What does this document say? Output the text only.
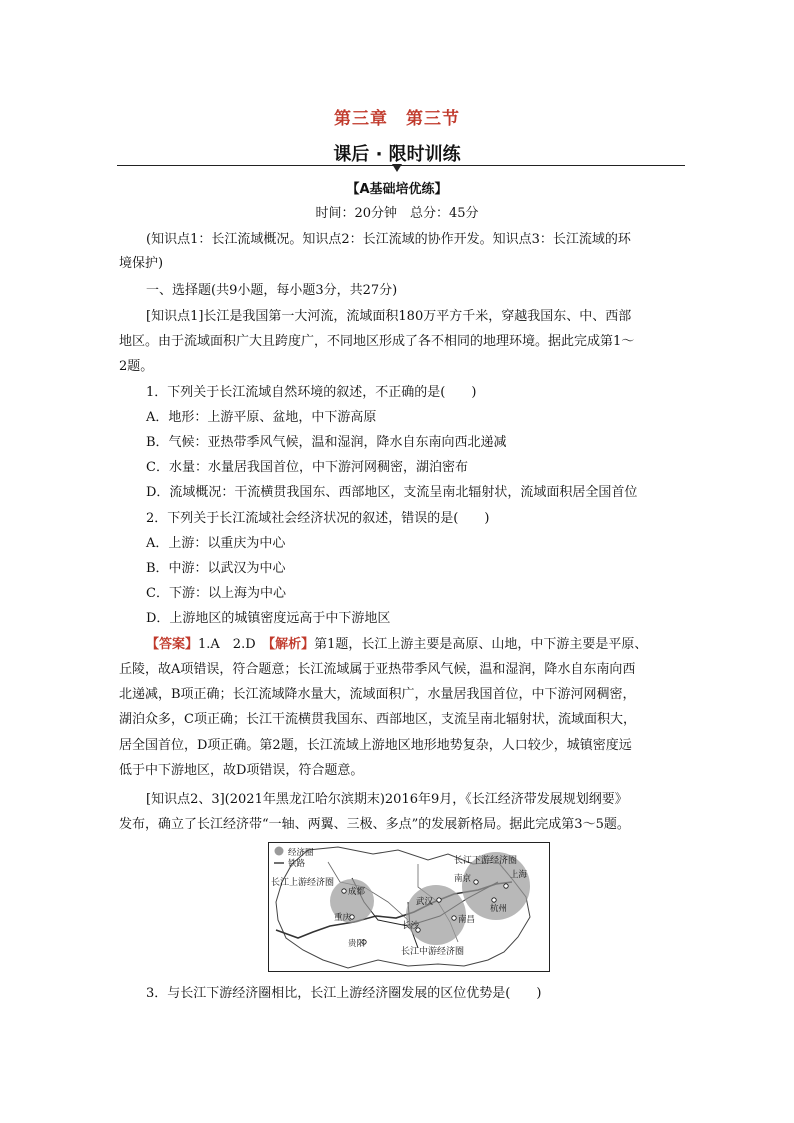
第三章　第三节
课后 · 限时训练
【A基础培优练】
时间：20分钟　总分：45分
(知识点1：长江流域概况。知识点2：长江流域的协作开发。知识点3：长江流域的环
境保护)
一、选择题(共9小题，每小题3分，共27分)
[知识点1]长江是我国第一大河流，流域面积180万平方千米，穿越我国东、中、西部
地区。由于流域面积广大且跨度广，不同地区形成了各不相同的地理环境。据此完成第1～
2题。
1．下列关于长江流域自然环境的叙述，不正确的是(　　)
A．地形：上游平原、盆地，中下游高原
B．气候：亚热带季风气候，温和湿润，降水自东南向西北递减
C．水量：水量居我国首位，中下游河网稠密，湖泊密布
D．流域概况：干流横贯我国东、西部地区，支流呈南北辐射状，流域面积居全国首位
2．下列关于长江流域社会经济状况的叙述，错误的是(　　)
A．上游：以重庆为中心
B．中游：以武汉为中心
C．下游：以上海为中心
D．上游地区的城镇密度远高于中下游地区
【答案】1.A　2.D　【解析】第1题，长江上游主要是高原、山地，中下游主要是平原、
丘陵，故A项错误，符合题意；长江流域属于亚热带季风气候，温和湿润，降水自东南向西
北递减，B项正确；长江流域降水量大，流域面积广，水量居我国首位，中下游河网稠密，
湖泊众多，C项正确；长江干流横贯我国东、西部地区，支流呈南北辐射状，流域面积大，
居全国首位，D项正确。第2题，长江流域上游地区地形地势复杂，人口较少，城镇密度远
低于中下游地区，故D项错误，符合题意。
[知识点2、3](2021年黑龙江哈尔滨期末)2016年9月，《长江经济带发展规划纲要》
发布，确立了长江经济带“一轴、两翼、三极、多点”的发展新格局。据此完成第3～5题。
经济圈
铁路
长江上游经济圈
长江中游经济圈
长江下游经济圈
成都
重庆
贵阳
武汉
长沙
南昌
南京	上海
杭州
3．与长江下游经济圈相比，长江上游经济圈发展的区位优势是(　　)
